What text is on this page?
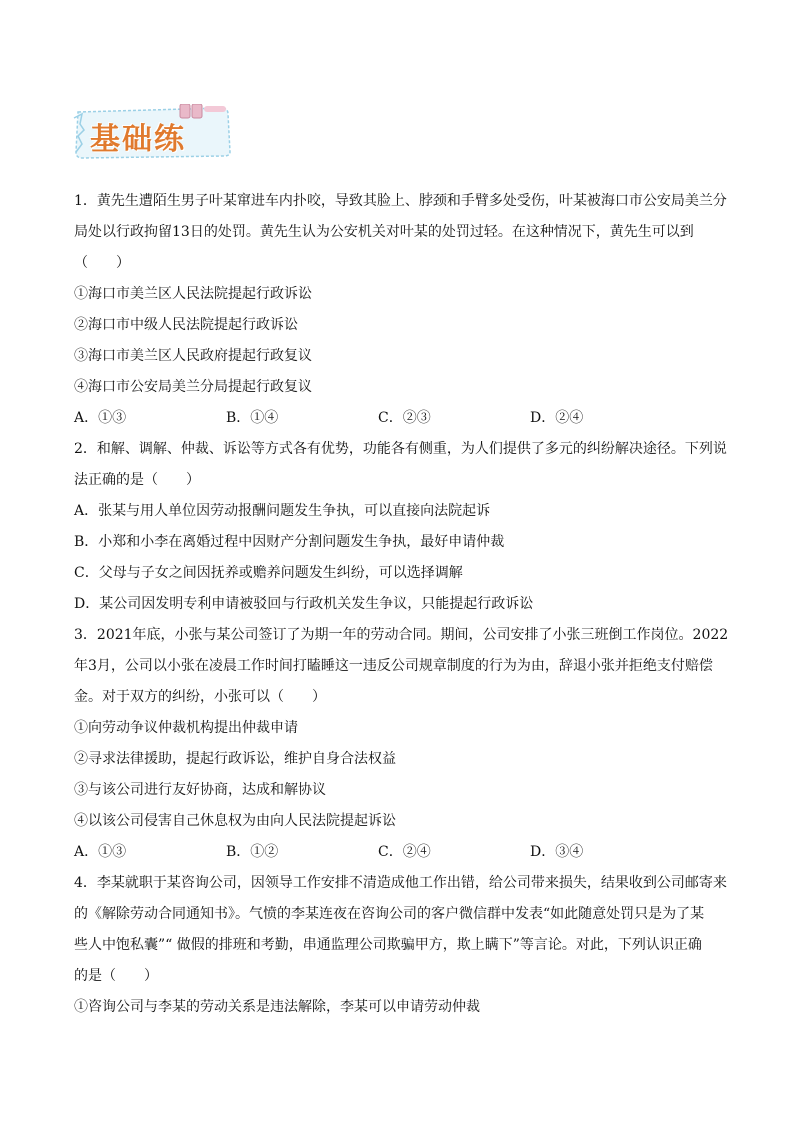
基础练
1．黄先生遭陌生男子叶某窜进车内扑咬，导致其脸上、脖颈和手臂多处受伤，叶某被海口市公安局美兰分
局处以行政拘留13日的处罚。黄先生认为公安机关对叶某的处罚过轻。在这种情况下，黄先生可以到
（　　）
①海口市美兰区人民法院提起行政诉讼
②海口市中级人民法院提起行政诉讼
③海口市美兰区人民政府提起行政复议
④海口市公安局美兰分局提起行政复议
A．①③	B．①④	C．②③	D．②④
2．和解、调解、仲裁、诉讼等方式各有优势，功能各有侧重，为人们提供了多元的纠纷解决途径。下列说
法正确的是（　　）
A．张某与用人单位因劳动报酬问题发生争执，可以直接向法院起诉
B．小郑和小李在离婚过程中因财产分割问题发生争执，最好申请仲裁
C．父母与子女之间因抚养或赡养问题发生纠纷，可以选择调解
D．某公司因发明专利申请被驳回与行政机关发生争议，只能提起行政诉讼
3．2021年底，小张与某公司签订了为期一年的劳动合同。期间，公司安排了小张三班倒工作岗位。2022
年3月，公司以小张在凌晨工作时间打瞌睡这一违反公司规章制度的行为为由，辞退小张并拒绝支付赔偿
金。对于双方的纠纷，小张可以（　　）
①向劳动争议仲裁机构提出仲裁申请
②寻求法律援助，提起行政诉讼，维护自身合法权益
③与该公司进行友好协商，达成和解协议
④以该公司侵害自己休息权为由向人民法院提起诉讼
A．①③	B．①②	C．②④	D．③④
4．李某就职于某咨询公司，因领导工作安排不清造成他工作出错，给公司带来损失，结果收到公司邮寄来
的《解除劳动合同通知书》。气愤的李某连夜在咨询公司的客户微信群中发表“如此随意处罚只是为了某
些人中饱私囊”“ 做假的排班和考勤，串通监理公司欺骗甲方，欺上瞒下”等言论。对此，下列认识正确
的是（　　）
①咨询公司与李某的劳动关系是违法解除，李某可以申请劳动仲裁
